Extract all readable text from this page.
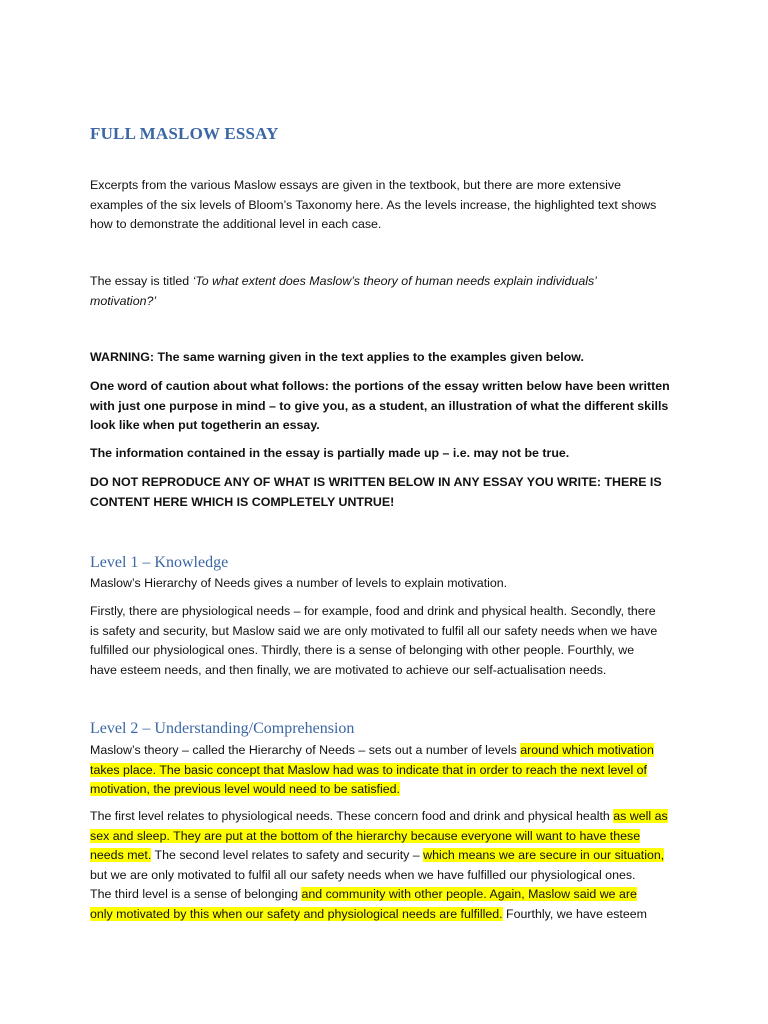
FULL MASLOW ESSAY

Excerpts from the various Maslow essays are given in the textbook, but there are more extensive
examples of the six levels of Bloom’s Taxonomy here. As the levels increase, the highlighted text shows
how to demonstrate the additional level in each case.

The essay is titled ‘To what extent does Maslow’s theory of human needs explain individuals’
motivation?’

WARNING: The same warning given in the text applies to the examples given below.

One word of caution about what follows: the portions of the essay written below have been written
with just one purpose in mind – to give you, as a student, an illustration of what the different skills
look like when put togetherin an essay.

The information contained in the essay is partially made up – i.e. may not be true.

DO NOT REPRODUCE ANY OF WHAT IS WRITTEN BELOW IN ANY ESSAY YOU WRITE: THERE IS
CONTENT HERE WHICH IS COMPLETELY UNTRUE!

Level 1 – Knowledge

Maslow’s Hierarchy of Needs gives a number of levels to explain motivation.

Firstly, there are physiological needs – for example, food and drink and physical health. Secondly, there
is safety and security, but Maslow said we are only motivated to fulfil all our safety needs when we have
fulfilled our physiological ones. Thirdly, there is a sense of belonging with other people. Fourthly, we
have esteem needs, and then finally, we are motivated to achieve our self-actualisation needs.

Level 2 – Understanding/Comprehension

Maslow’s theory – called the Hierarchy of Needs – sets out a number of levels around which motivation
takes place. The basic concept that Maslow had was to indicate that in order to reach the next level of
motivation, the previous level would need to be satisfied.

The first level relates to physiological needs. These concern food and drink and physical health as well as
sex and sleep. They are put at the bottom of the hierarchy because everyone will want to have these
needs met. The second level relates to safety and security – which means we are secure in our situation,
but we are only motivated to fulfil all our safety needs when we have fulfilled our physiological ones.
The third level is a sense of belonging and community with other people. Again, Maslow said we are
only motivated by this when our safety and physiological needs are fulfilled. Fourthly, we have esteem
